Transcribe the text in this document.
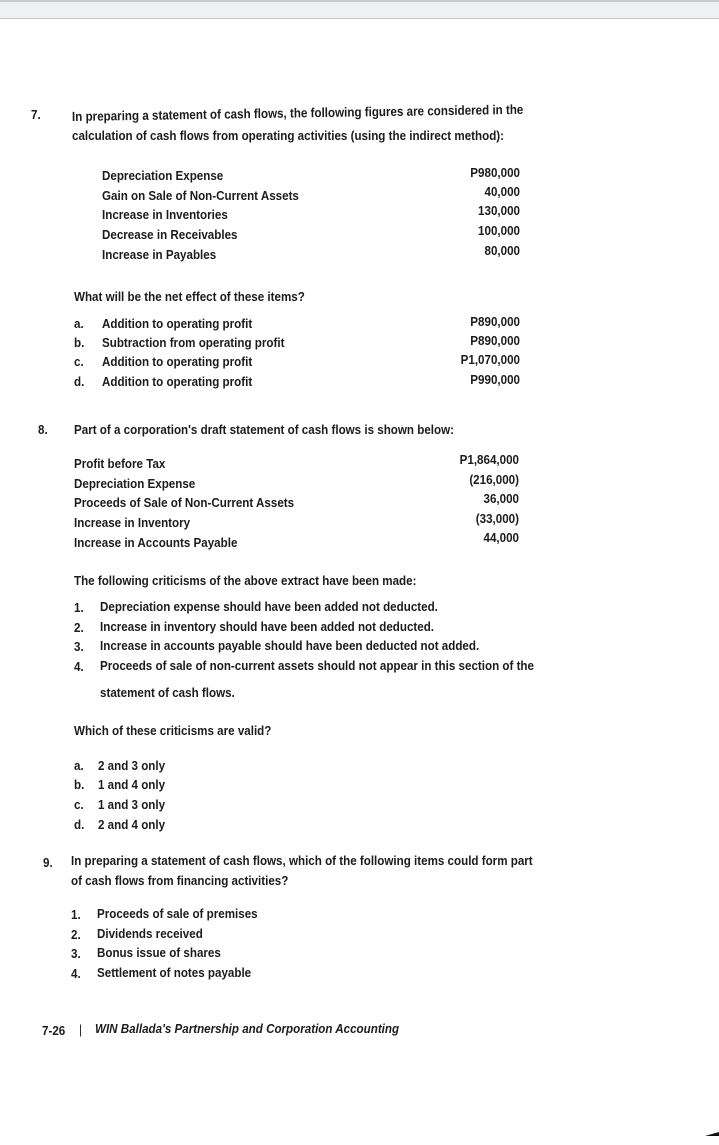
7. In preparing a statement of cash flows, the following figures are considered in the
calculation of cash flows from operating activities (using the indirect method):
Depreciation Expense	P980,000
Gain on Sale of Non-Current Assets	40,000
Increase in Inventories	130,000
Decrease in Receivables	100,000
Increase in Payables	80,000
What will be the net effect of these items?
a. Addition to operating profit	P890,000
b. Subtraction from operating profit	P890,000
c. Addition to operating profit	P1,070,000
d. Addition to operating profit	P990,000
8. Part of a corporation's draft statement of cash flows is shown below:
Profit before Tax	P1,864,000
Depreciation Expense	(216,000)
Proceeds of Sale of Non-Current Assets	36,000
Increase in Inventory	(33,000)
Increase in Accounts Payable	44,000
The following criticisms of the above extract have been made:
1. Depreciation expense should have been added not deducted.
2. Increase in inventory should have been added not deducted.
3. Increase in accounts payable should have been deducted not added.
4. Proceeds of sale of non-current assets should not appear in this section of the
statement of cash flows.
Which of these criticisms are valid?
a. 2 and 3 only
b. 1 and 4 only
c. 1 and 3 only
d. 2 and 4 only
9. In preparing a statement of cash flows, which of the following items could form part
of cash flows from financing activities?
1. Proceeds of sale of premises
2. Dividends received
3. Bonus issue of shares
4. Settlement of notes payable
7-26 | WIN Ballada's Partnership and Corporation Accounting
